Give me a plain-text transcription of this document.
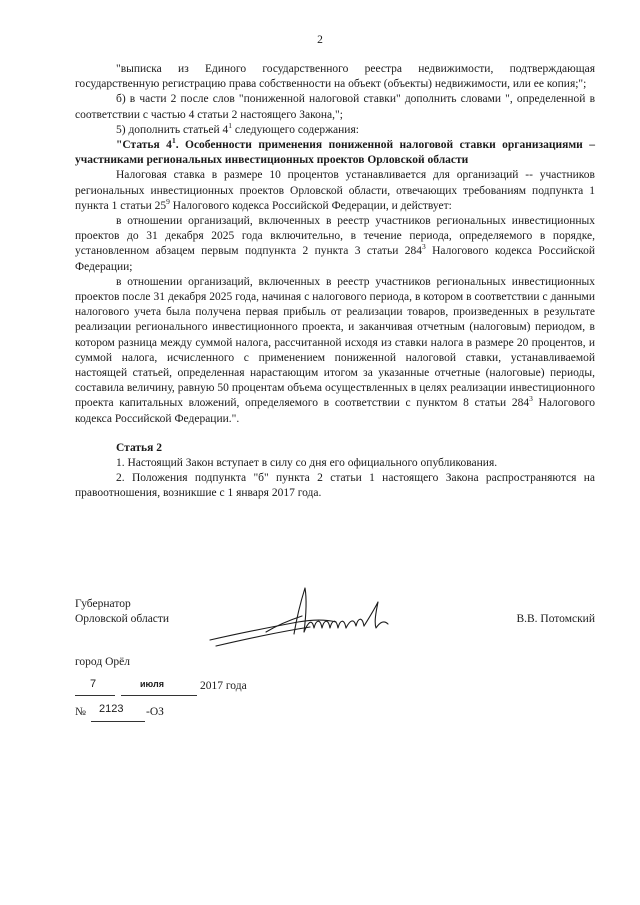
2

"выписка из Единого государственного реестра недвижимости, подтверждающая государственную регистрацию права собственности на объект (объекты) недвижимости, или ее копия;";

б) в части 2 после слов "пониженной налоговой ставки" дополнить словами ", определенной в соответствии с частью 4 статьи 2 настоящего Закона,";

5) дополнить статьей $4^1$ следующего содержания:

"Статья $4^1$. Особенности применения пониженной налоговой ставки организациями – участниками региональных инвестиционных проектов Орловской области

Налоговая ставка в размере 10 процентов устанавливается для организаций -- участников региональных инвестиционных проектов Орловской области, отвечающих требованиям подпункта 1 пункта 1 статьи $25^9$ Налогового кодекса Российской Федерации, и действует:

в отношении организаций, включенных в реестр участников региональных инвестиционных проектов до 31 декабря 2025 года включительно, в течение периода, определяемого в порядке, установленном абзацем первым подпункта 2 пункта 3 статьи $284^3$ Налогового кодекса Российской Федерации;

в отношении организаций, включенных в реестр участников региональных инвестиционных проектов после 31 декабря 2025 года, начиная с налогового периода, в котором в соответствии с данными налогового учета была получена первая прибыль от реализации товаров, произведенных в результате реализации регионального инвестиционного проекта, и заканчивая отчетным (налоговым) периодом, в котором разница между суммой налога, рассчитанной исходя из ставки налога в размере 20 процентов, и суммой налога, исчисленного с применением пониженной налоговой ставки, устанавливаемой настоящей статьей, определенная нарастающим итогом за указанные отчетные (налоговые) периоды, составила величину, равную 50 процентам объема осуществленных в целях реализации инвестиционного проекта капитальных вложений, определяемого в соответствии с пунктом 8 статьи $284^3$ Налогового кодекса Российской Федерации.".

Статья 2

1. Настоящий Закон вступает в силу со дня его официального опубликования.

2. Положения подпункта "б" пункта 2 статьи 1 настоящего Закона распространяются на правоотношения, возникшие с 1 января 2017 года.

Губернатор
Орловской области	В.В. Потомский
город Орёл
7	июля	2017 года
№ 2123 -ОЗ
